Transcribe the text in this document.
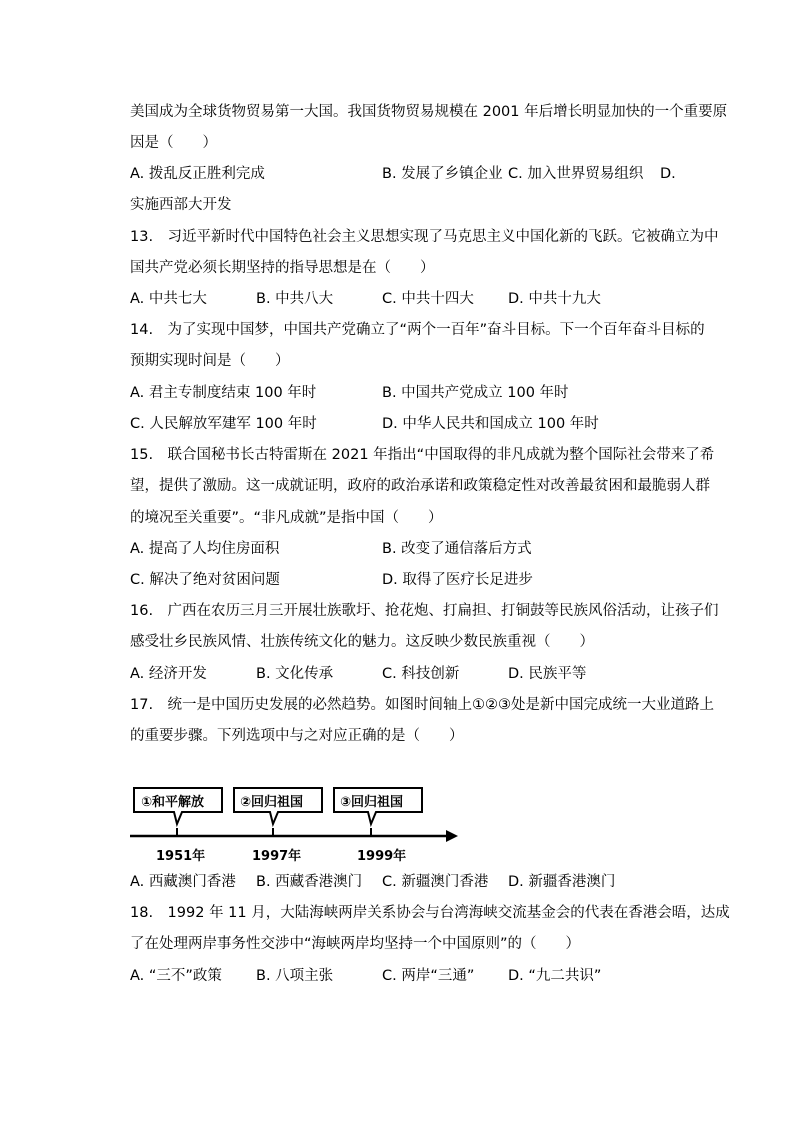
美国成为全球货物贸易第一大国。我国货物贸易规模在 2001 年后增长明显加快的一个重要原
因是（　　）
A. 拨乱反正胜利完成	B. 发展了乡镇企业 C. 加入世界贸易组织 D.
实施西部大开发
13.　习近平新时代中国特色社会主义思想实现了马克思主义中国化新的飞跃。它被确立为中
国共产党必须长期坚持的指导思想是在（　　）
A. 中共七大	B. 中共八大	C. 中共十四大 D. 中共十九大
14.　为了实现中国梦，中国共产党确立了“两个一百年”奋斗目标。下一个百年奋斗目标的
预期实现时间是（　　）
A. 君主专制度结束 100 年时	B. 中国共产党成立 100 年时
C. 人民解放军建军 100 年时	D. 中华人民共和国成立 100 年时
15.　联合国秘书长古特雷斯在 2021 年指出“中国取得的非凡成就为整个国际社会带来了希
望，提供了激励。这一成就证明，政府的政治承诺和政策稳定性对改善最贫困和最脆弱人群
的境况至关重要”。“非凡成就”是指中国（　　）
A. 提高了人均住房面积	B. 改变了通信落后方式
C. 解决了绝对贫困问题	D. 取得了医疗长足进步
16.　广西在农历三月三开展壮族歌圩、抢花炮、打扁担、打铜鼓等民族风俗活动，让孩子们
感受壮乡民族风情、壮族传统文化的魅力。这反映少数民族重视（　　）
A. 经济开发	B. 文化传承	C. 科技创新	D. 民族平等
17.　统一是中国历史发展的必然趋势。如图时间轴上①②③处是新中国完成统一大业道路上
的重要步骤。下列选项中与之对应正确的是（　　）
①和平解放	②回归祖国	③回归祖国
1951年	1997年	1999年
A. 西藏澳门香港 B. 西藏香港澳门 C. 新疆澳门香港 D. 新疆香港澳门
18.　1992 年 11 月，大陆海峡两岸关系协会与台湾海峡交流基金会的代表在香港会晤，达成
了在处理两岸事务性交涉中“海峡两岸均坚持一个中国原则”的（　　）
A. “三不”政策 B. 八项主张	C. 两岸“三通” D. “九二共识”
